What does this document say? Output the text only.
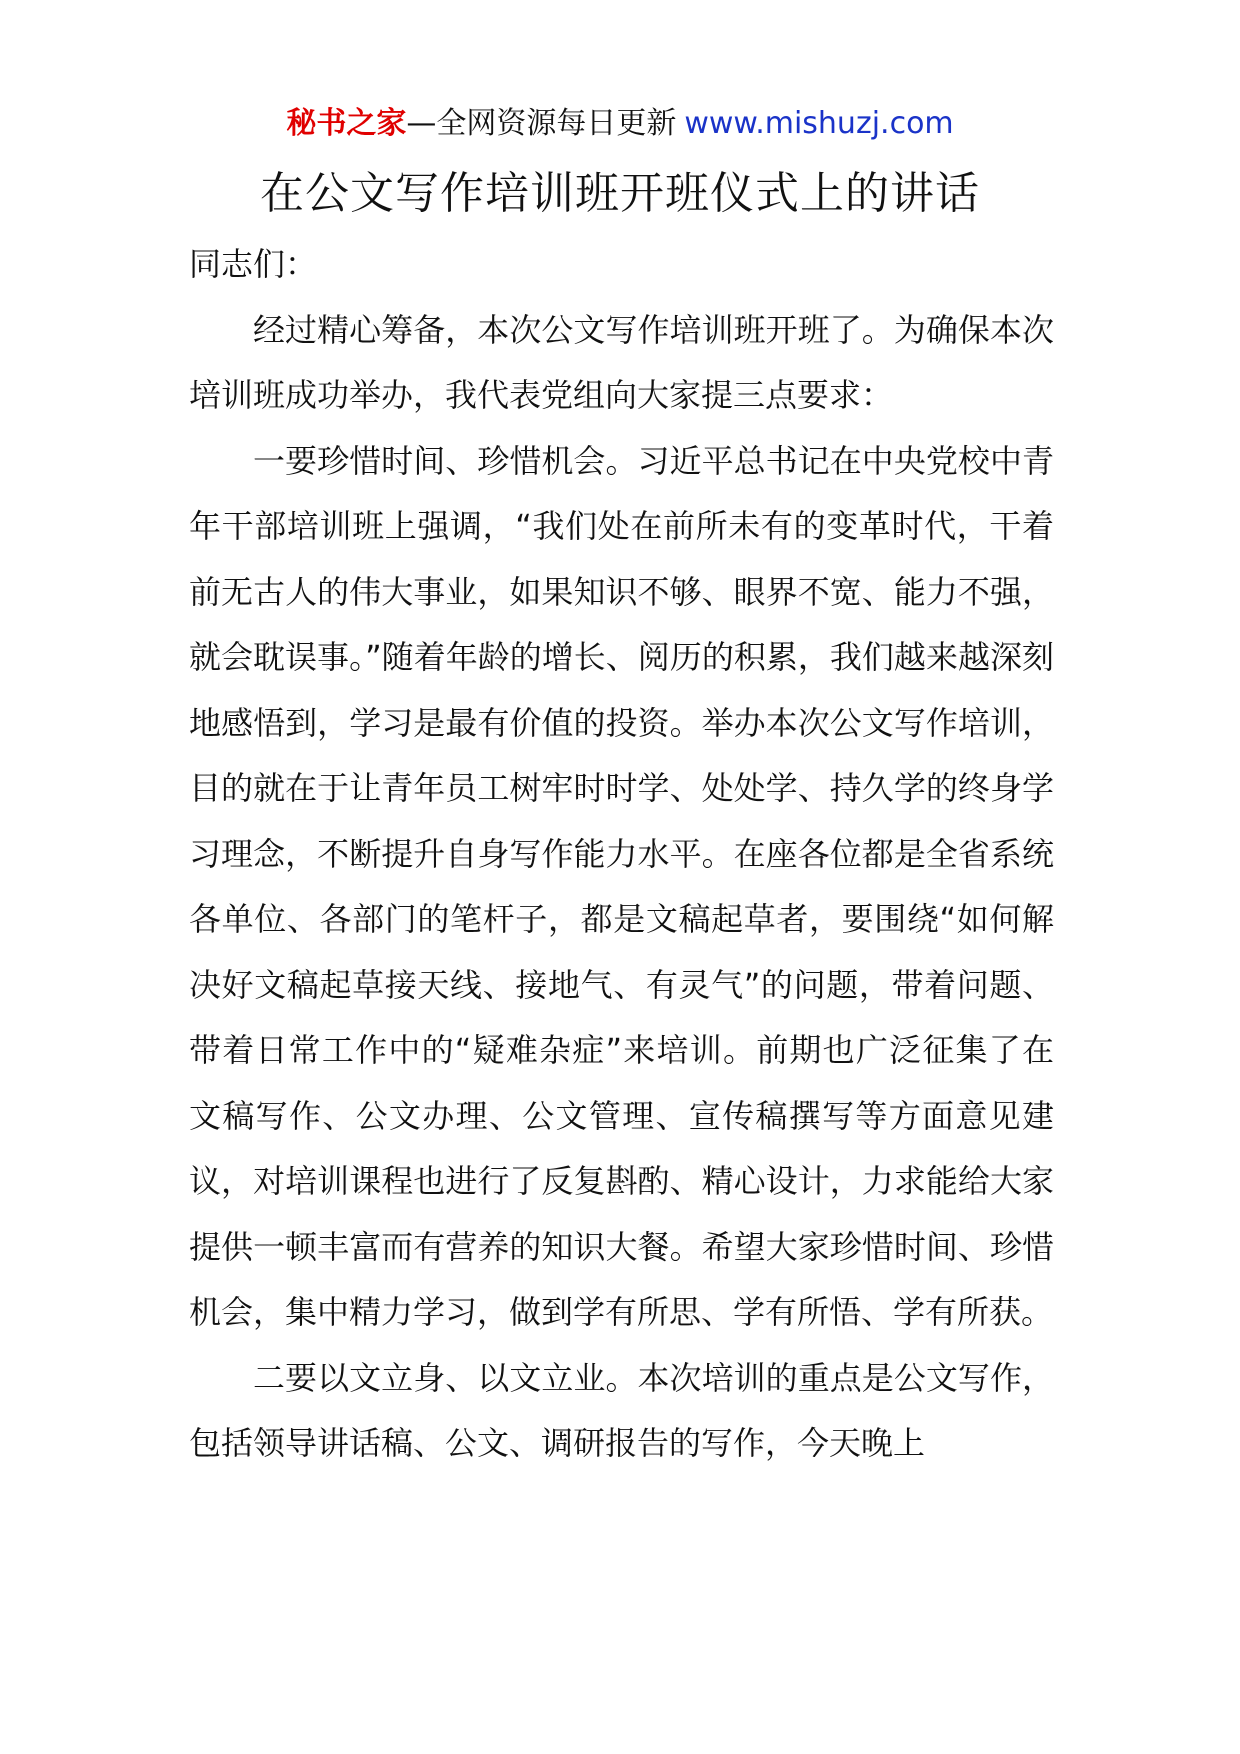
秘书之家—全网资源每日更新 www.mishuzj.com
在公文写作培训班开班仪式上的讲话

同志们：

经过精心筹备，本次公文写作培训班开班了。为确保本次培训班成功举办，我代表党组向大家提三点要求：

一要珍惜时间、珍惜机会。习近平总书记在中央党校中青年干部培训班上强调，“我们处在前所未有的变革时代，干着前无古人的伟大事业，如果知识不够、眼界不宽、能力不强，就会耽误事。”随着年龄的增长、阅历的积累，我们越来越深刻地感悟到，学习是最有价值的投资。举办本次公文写作培训，目的就在于让青年员工树牢时时学、处处学、持久学的终身学习理念，不断提升自身写作能力水平。在座各位都是全省系统各单位、各部门的笔杆子，都是文稿起草者，要围绕“如何解决好文稿起草接天线、接地气、有灵气”的问题，带着问题、带着日常工作中的“疑难杂症”来培训。前期也广泛征集了在文稿写作、公文办理、公文管理、宣传稿撰写等方面意见建议，对培训课程也进行了反复斟酌、精心设计，力求能给大家提供一顿丰富而有营养的知识大餐。希望大家珍惜时间、珍惜机会，集中精力学习，做到学有所思、学有所悟、学有所获。

二要以文立身、以文立业。本次培训的重点是公文写作，包括领导讲话稿、公文、调研报告的写作，今天晚上
